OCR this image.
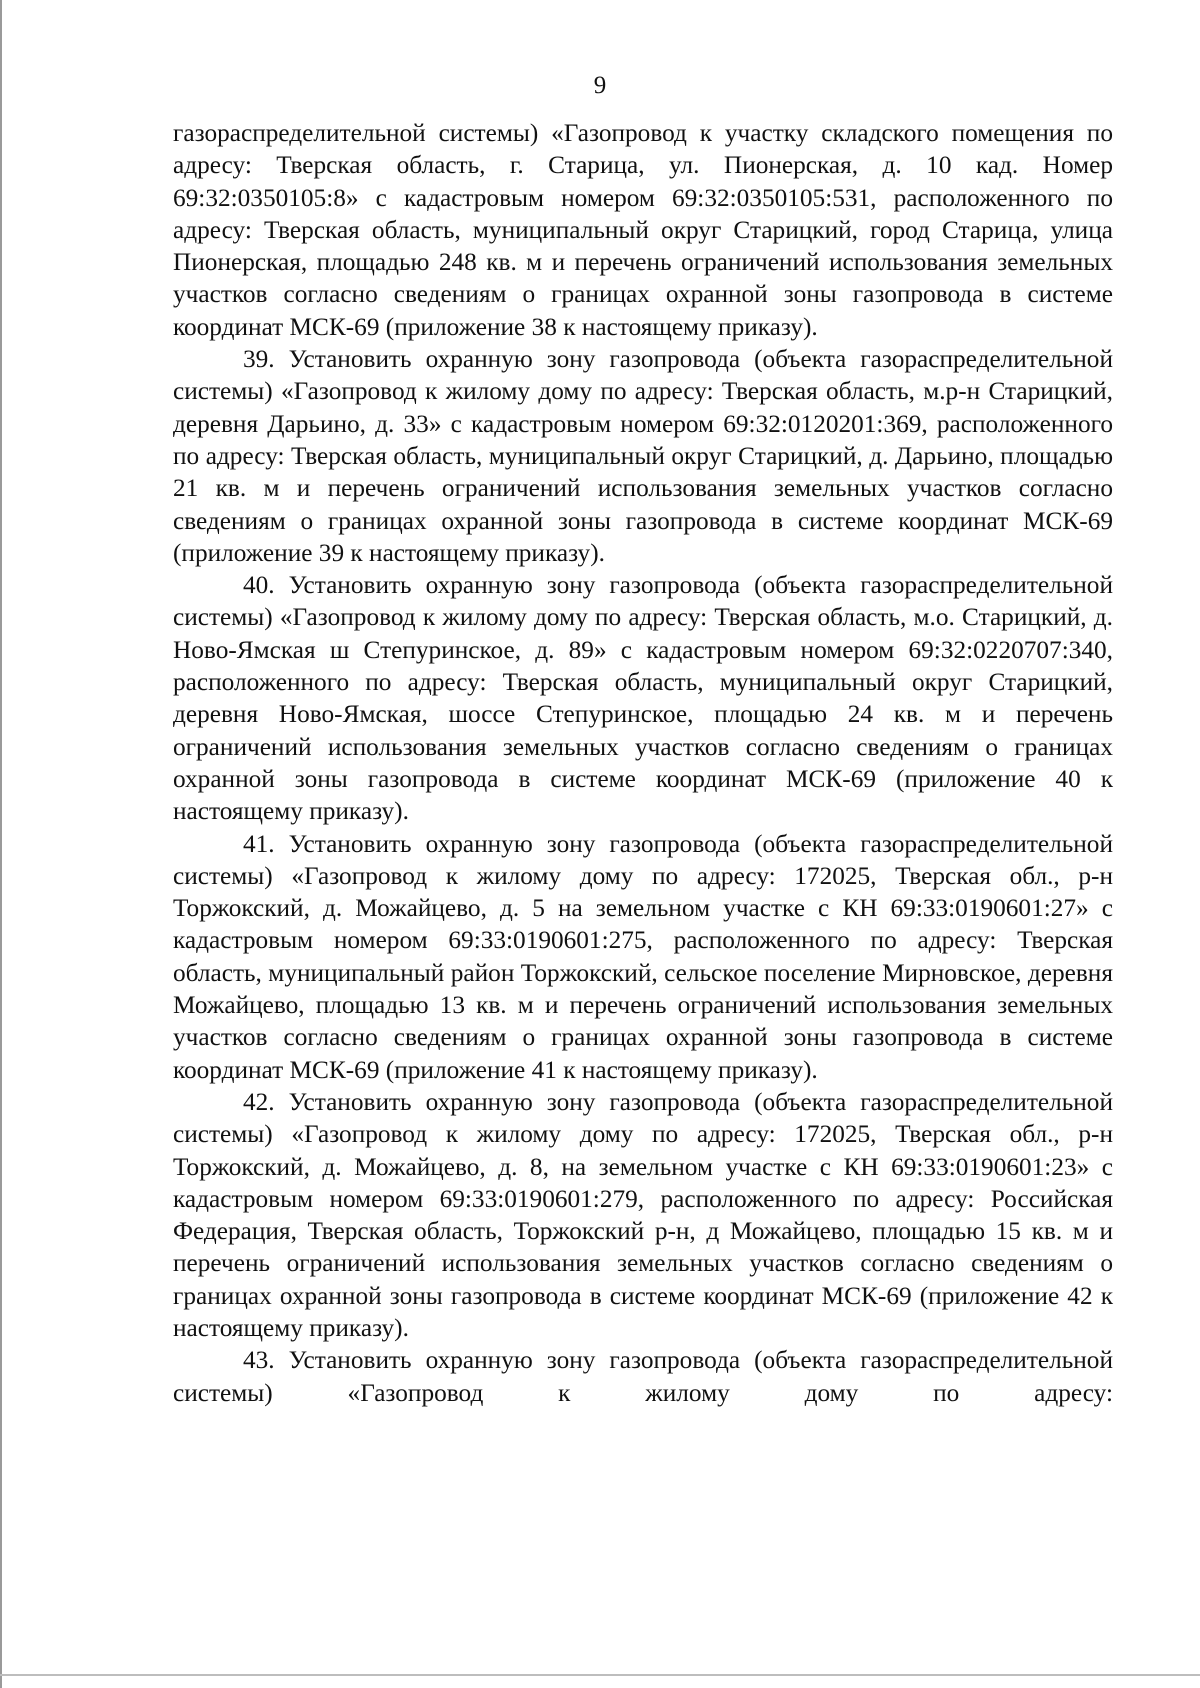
9

газораспределительной системы) «Газопровод к участку складского помещения по адресу: Тверская область, г. Старица, ул. Пионерская, д. 10 кад. Номер 69:32:0350105:8» с кадастровым номером 69:32:0350105:531, расположенного по адресу: Тверская область, муниципальный округ Старицкий, город Старица, улица Пионерская, площадью 248 кв. м и перечень ограничений использования земельных участков согласно сведениям о границах охранной зоны газопровода в системе координат МСК-69 (приложение 38 к настоящему приказу).

39. Установить охранную зону газопровода (объекта газораспределительной системы) «Газопровод к жилому дому по адресу: Тверская область, м.р-н Старицкий, деревня Дарьино, д. 33» с кадастровым номером 69:32:0120201:369, расположенного по адресу: Тверская область, муниципальный округ Старицкий, д. Дарьино, площадью 21 кв. м и перечень ограничений использования земельных участков согласно сведениям о границах охранной зоны газопровода в системе координат МСК-69 (приложение 39 к настоящему приказу).

40. Установить охранную зону газопровода (объекта газораспределительной системы) «Газопровод к жилому дому по адресу: Тверская область, м.о. Старицкий, д. Ново-Ямская ш Степуринское, д. 89» с кадастровым номером 69:32:0220707:340, расположенного по адресу: Тверская область, муниципальный округ Старицкий, деревня Ново-Ямская, шоссе Степуринское, площадью 24 кв. м и перечень ограничений использования земельных участков согласно сведениям о границах охранной зоны газопровода в системе координат МСК-69 (приложение 40 к настоящему приказу).

41. Установить охранную зону газопровода (объекта газораспределительной системы) «Газопровод к жилому дому по адресу: 172025, Тверская обл., р-н Торжокский, д. Можайцево, д. 5 на земельном участке с КН 69:33:0190601:27» с кадастровым номером 69:33:0190601:275, расположенного по адресу: Тверская область, муниципальный район Торжокский, сельское поселение Мирновское, деревня Можайцево, площадью 13 кв. м и перечень ограничений использования земельных участков согласно сведениям о границах охранной зоны газопровода в системе координат МСК-69 (приложение 41 к настоящему приказу).

42. Установить охранную зону газопровода (объекта газораспределительной системы) «Газопровод к жилому дому по адресу: 172025, Тверская обл., р-н Торжокский, д. Можайцево, д. 8, на земельном участке с КН 69:33:0190601:23» с кадастровым номером 69:33:0190601:279, расположенного по адресу: Российская Федерация, Тверская область, Торжокский р-н, д Можайцево, площадью 15 кв. м и перечень ограничений использования земельных участков согласно сведениям о границах охранной зоны газопровода в системе координат МСК-69 (приложение 42 к настоящему приказу).

43. Установить охранную зону газопровода (объекта газораспределительной системы) «Газопровод к жилому дому по адресу:
